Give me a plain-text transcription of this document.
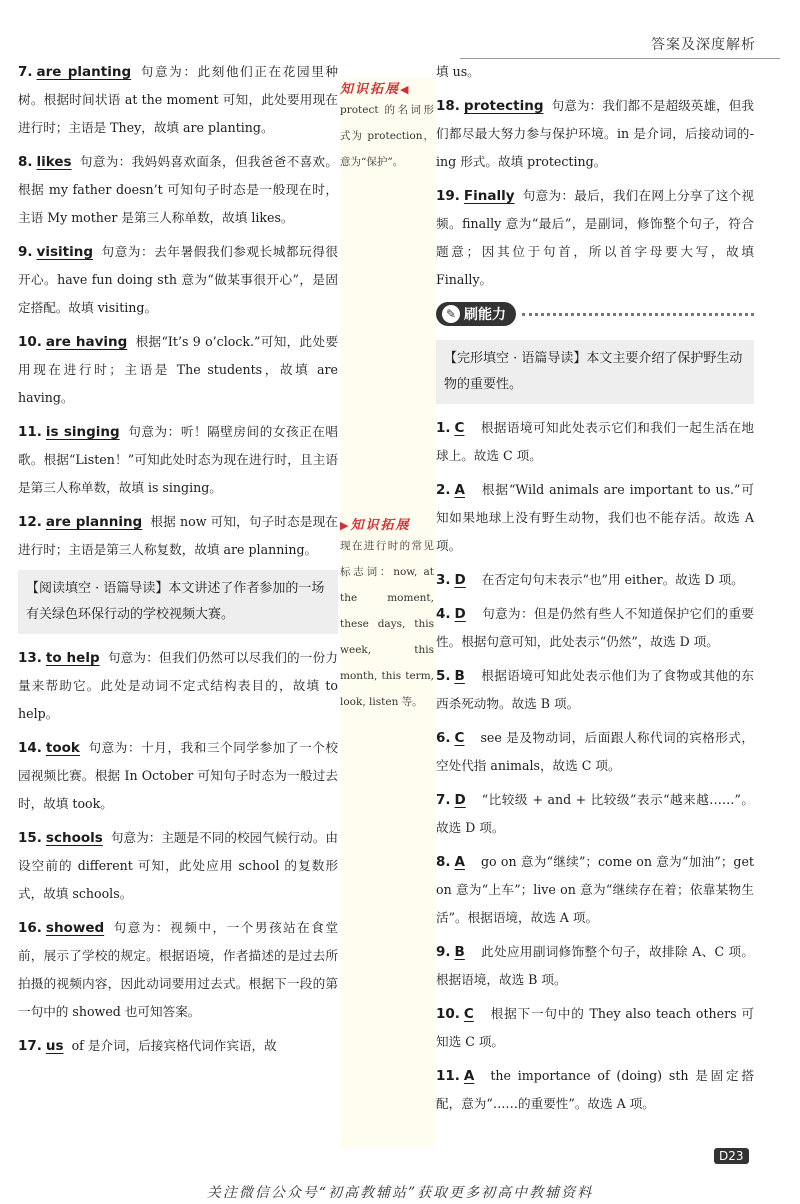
答案及深度解析
7. are planting 句意为：此刻他们正在花园里种树。根据时间状语 at the moment 可知，此处要用现在进行时；主语是 They，故填 are planting。
8. likes 句意为：我妈妈喜欢面条，但我爸爸不喜欢。根据 my father doesn’t 可知句子时态是一般现在时，主语 My mother 是第三人称单数，故填 likes。
9. visiting 句意为：去年暑假我们参观长城都玩得很开心。have fun doing sth 意为“做某事很开心”，是固定搭配。故填 visiting。
10. are having 根据“It’s 9 o’clock.”可知，此处要用现在进行时；主语是 The students，故填 are having。
11. is singing 句意为：听！隔壁房间的女孩正在唱歌。根据“Listen！”可知此处时态为现在进行时，且主语是第三人称单数，故填 is singing。
12. are planning 根据 now 可知，句子时态是现在进行时；主语是第三人称复数，故填 are planning。
【阅读填空 · 语篇导读】本文讲述了作者参加的一场有关绿色环保行动的学校视频大赛。
13. to help 句意为：但我们仍然可以尽我们的一份力量来帮助它。此处是动词不定式结构表目的，故填 to help。
14. took 句意为：十月，我和三个同学参加了一个校园视频比赛。根据 In October 可知句子时态为一般过去时，故填 took。
15. schools 句意为：主题是不同的校园气候行动。由设空前的 different 可知，此处应用 school 的复数形式，故填 schools。
16. showed 句意为：视频中，一个男孩站在食堂前，展示了学校的规定。根据语境，作者描述的是过去所拍摄的视频内容，因此动词要用过去式。根据下一段的第一句中的 showed 也可知答案。
17. us of 是介词，后接宾格代词作宾语，故
知识拓展◀
protect 的名词形式为 protection，意为“保护”。
▶知识拓展
现在进行时的常见标志词：now, at the moment, these days, this week, this month, this term, look, listen 等。
填 us。
18. protecting 句意为：我们都不是超级英雄，但我们都尽最大努力参与保护环境。in 是介词，后接动词的-ing 形式。故填 protecting。
19. Finally 句意为：最后，我们在网上分享了这个视频。finally 意为“最后”，是副词，修饰整个句子，符合题意；因其位于句首，所以首字母要大写，故填 Finally。
✎ 刷能力
【完形填空 · 语篇导读】本文主要介绍了保护野生动物的重要性。
1. C 根据语境可知此处表示它们和我们一起生活在地球上。故选 C 项。
2. A 根据“Wild animals are important to us.”可知如果地球上没有野生动物，我们也不能存活。故选 A 项。
3. D 在否定句句末表示“也”用 either。故选 D 项。
4. D 句意为：但是仍然有些人不知道保护它们的重要性。根据句意可知，此处表示“仍然”，故选 D 项。
5. B 根据语境可知此处表示他们为了食物或其他的东西杀死动物。故选 B 项。
6. C see 是及物动词，后面跟人称代词的宾格形式，空处代指 animals，故选 C 项。
7. D “比较级 + and + 比较级”表示“越来越……”。故选 D 项。
8. A go on 意为“继续”；come on 意为“加油”；get on 意为“上车”；live on 意为“继续存在着；依靠某物生活”。根据语境，故选 A 项。
9. B 此处应用副词修饰整个句子，故排除 A、C 项。根据语境，故选 B 项。
10. C 根据下一句中的 They also teach others 可知选 C 项。
11. A the importance of (doing) sth 是固定搭配，意为“……的重要性”。故选 A 项。
D23
关注微信公众号“初高教辅站”获取更多初高中教辅资料
